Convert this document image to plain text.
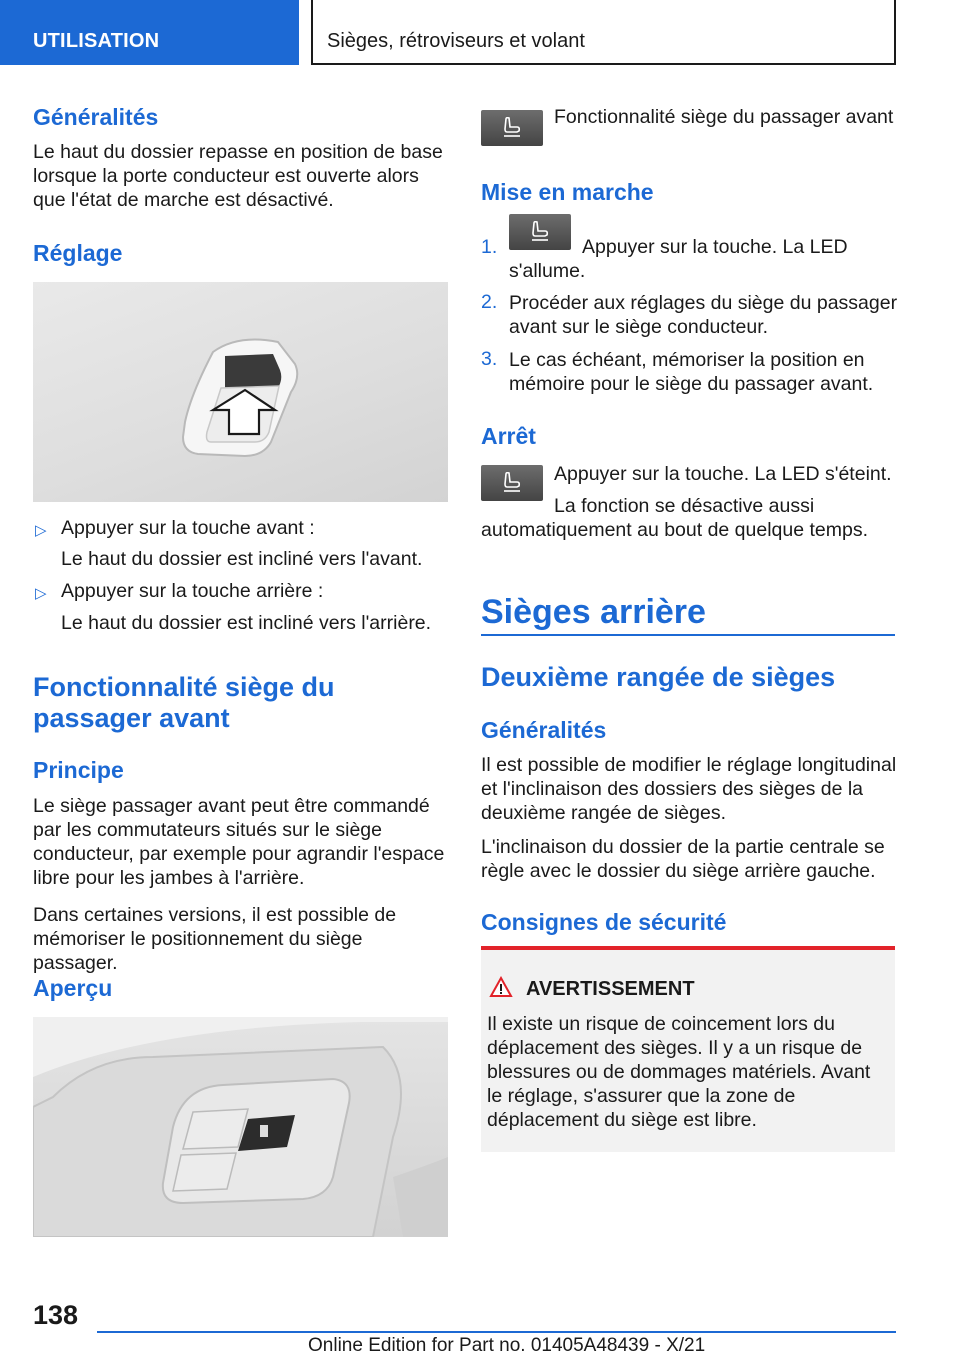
UTILISATION	Sièges, rétroviseurs et volant
Généralités
Le haut du dossier repasse en position de base lorsque la porte conducteur est ouverte alors que l'état de marche est désactivé.
Réglage
▷ Appuyer sur la touche avant :
Le haut du dossier est incliné vers l'avant.
▷ Appuyer sur la touche arrière :
Le haut du dossier est incliné vers l'arrière.
Fonctionnalité siège du passager avant
Principe
Le siège passager avant peut être commandé par les commutateurs situés sur le siège conducteur, par exemple pour agrandir l'espace libre pour les jambes à l'arrière.
Dans certaines versions, il est possible de mémoriser le positionnement du siège passager.
Aperçu
Fonctionnalité siège du passager avant
Mise en marche
1.	Appuyer sur la touche. La LED s'allume.
2. Procéder aux réglages du siège du passager avant sur le siège conducteur.
3. Le cas échéant, mémoriser la position en mémoire pour le siège du passager avant.
Arrêt
Appuyer sur la touche. La LED s'éteint.
La fonction se désactive aussi automatiquement au bout de quelque temps.
Sièges arrière
Deuxième rangée de sièges
Généralités
Il est possible de modifier le réglage longitudinal et l'inclinaison des dossiers des sièges de la deuxième rangée de sièges.
L'inclinaison du dossier de la partie centrale se règle avec le dossier du siège arrière gauche.
Consignes de sécurité
AVERTISSEMENT
Il existe un risque de coincement lors du déplacement des sièges. Il y a un risque de blessures ou de dommages matériels. Avant le réglage, s'assurer que la zone de déplacement du siège est libre.
138
Online Edition for Part no. 01405A48439 - X/21
